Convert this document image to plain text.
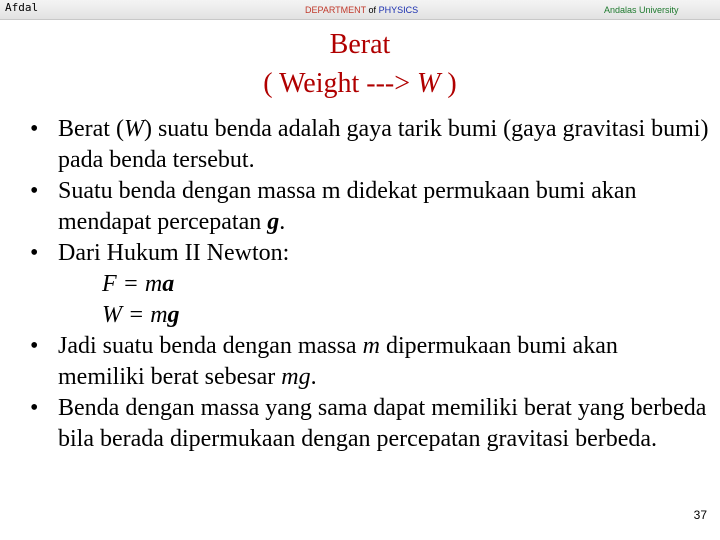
Afdal	DEPARTMENT of PHYSICS	Andalas University
Berat
( Weight ---> W )
• Berat (W) suatu benda adalah gaya tarik bumi (gaya gravitasi bumi) pada benda tersebut.
• Suatu benda dengan massa m didekat permukaan bumi akan mendapat percepatan g.
• Dari Hukum II Newton:
F = ma
W = mg
• Jadi suatu benda dengan massa m dipermukaan bumi akan memiliki berat sebesar mg.
• Benda dengan massa yang sama dapat memiliki berat yang berbeda bila berada dipermukaan dengan percepatan gravitasi berbeda.
37
